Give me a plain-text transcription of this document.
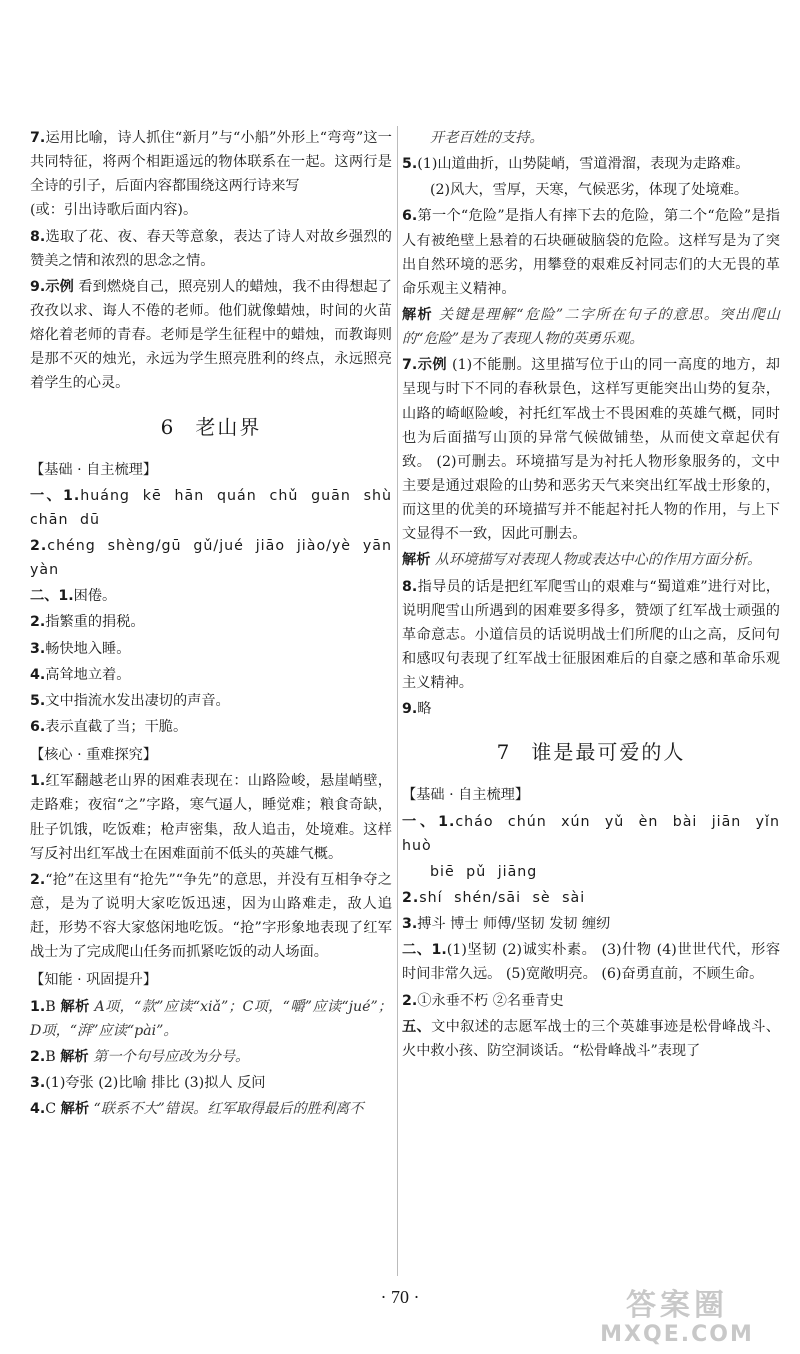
7.运用比喻，诗人抓住“新月”与“小船”外形上“弯弯”这一共同特征，将两个相距遥远的物体联系在一起。这两行是全诗的引子，后面内容都围绕这两行诗来写
(或：引出诗歌后面内容)。

8.选取了花、夜、春天等意象，表达了诗人对故乡强烈的赞美之情和浓烈的思念之情。

9.示例 看到燃烧自己，照亮别人的蜡烛，我不由得想起了孜孜以求、诲人不倦的老师。他们就像蜡烛，时间的火苗熔化着老师的青春。老师是学生征程中的蜡烛，而教诲则是那不灭的烛光，永远为学生照亮胜利的终点，永远照亮着学生的心灵。

6 老山界

【基础 · 自主梳理】

一、1.huáng kē hān quán chǔ guān shù chān dū

2.chéng shèng/gū gǔ/jué jiāo jiào/yè yān yàn

二、1.困倦。

2.指繁重的捐税。

3.畅快地入睡。

4.高耸地立着。

5.文中指流水发出凄切的声音。

6.表示直截了当；干脆。

【核心 · 重难探究】

1.红军翻越老山界的困难表现在：山路险峻，悬崖峭壁，走路难；夜宿“之”字路，寒气逼人，睡觉难；粮食奇缺，肚子饥饿，吃饭难；枪声密集，敌人追击，处境难。这样写反衬出红军战士在困难面前不低头的英雄气概。

2.“抢”在这里有“抢先”“争先”的意思，并没有互相争夺之意，是为了说明大家吃饭迅速，因为山路难走，敌人追赶，形势不容大家悠闲地吃饭。“抢”字形象地表现了红军战士为了完成爬山任务而抓紧吃饭的动人场面。

【知能 · 巩固提升】

1.B 解析 A项，“款”应读“xiǎ”；C项，“嚼”应读“jué”；D项，“湃”应读“pài”。

2.B 解析 第一个句号应改为分号。

3.(1)夸张 (2)比喻 排比 (3)拟人 反问

4.C 解析 “联系不大”错误。红军取得最后的胜利离不

开老百姓的支持。

5.(1)山道曲折，山势陡峭，雪道滑溜，表现为走路难。

(2)风大，雪厚，天寒，气候恶劣，体现了处境难。

6.第一个“危险”是指人有摔下去的危险，第二个“危险”是指人有被绝壁上悬着的石块砸破脑袋的危险。这样写是为了突出自然环境的恶劣，用攀登的艰难反衬同志们的大无畏的革命乐观主义精神。

解析 关键是理解“危险”二字所在句子的意思。突出爬山的“危险”是为了表现人物的英勇乐观。

7.示例 (1)不能删。这里描写位于山的同一高度的地方，却呈现与时下不同的春秋景色，这样写更能突出山势的复杂，山路的崎岖险峻，衬托红军战士不畏困难的英雄气概，同时也为后面描写山顶的异常气候做铺垫，从而使文章起伏有致。 (2)可删去。环境描写是为衬托人物形象服务的，文中主要是通过艰险的山势和恶劣天气来突出红军战士形象的，而这里的优美的环境描写并不能起衬托人物的作用，与上下文显得不一致，因此可删去。

解析 从环境描写对表现人物或表达中心的作用方面分析。

8.指导员的话是把红军爬雪山的艰难与“蜀道难”进行对比，说明爬雪山所遇到的困难要多得多，赞颂了红军战士顽强的革命意志。小道信员的话说明战士们所爬的山之高，反问句和感叹句表现了红军战士征服困难后的自豪之感和革命乐观主义精神。

9.略

7 谁是最可爱的人

【基础 · 自主梳理】

一、1.cháo chún xún yǔ èn bài jiān yǐn huò

biē pǔ jiāng

2.shí shén/sāi sè sài

3.搏斗 博士 师傅/坚韧 发韧 缠纫

二、1.(1)坚韧 (2)诚实朴素。 (3)什物 (4)世世代代，形容时间非常久远。 (5)宽敞明亮。 (6)奋勇直前，不顾生命。

2.①永垂不朽 ②名垂青史

五、文中叙述的志愿军战士的三个英雄事迹是松骨峰战斗、火中救小孩、防空洞谈话。“松骨峰战斗”表现了

· 70 ·	答案圈
MXQE.COM
